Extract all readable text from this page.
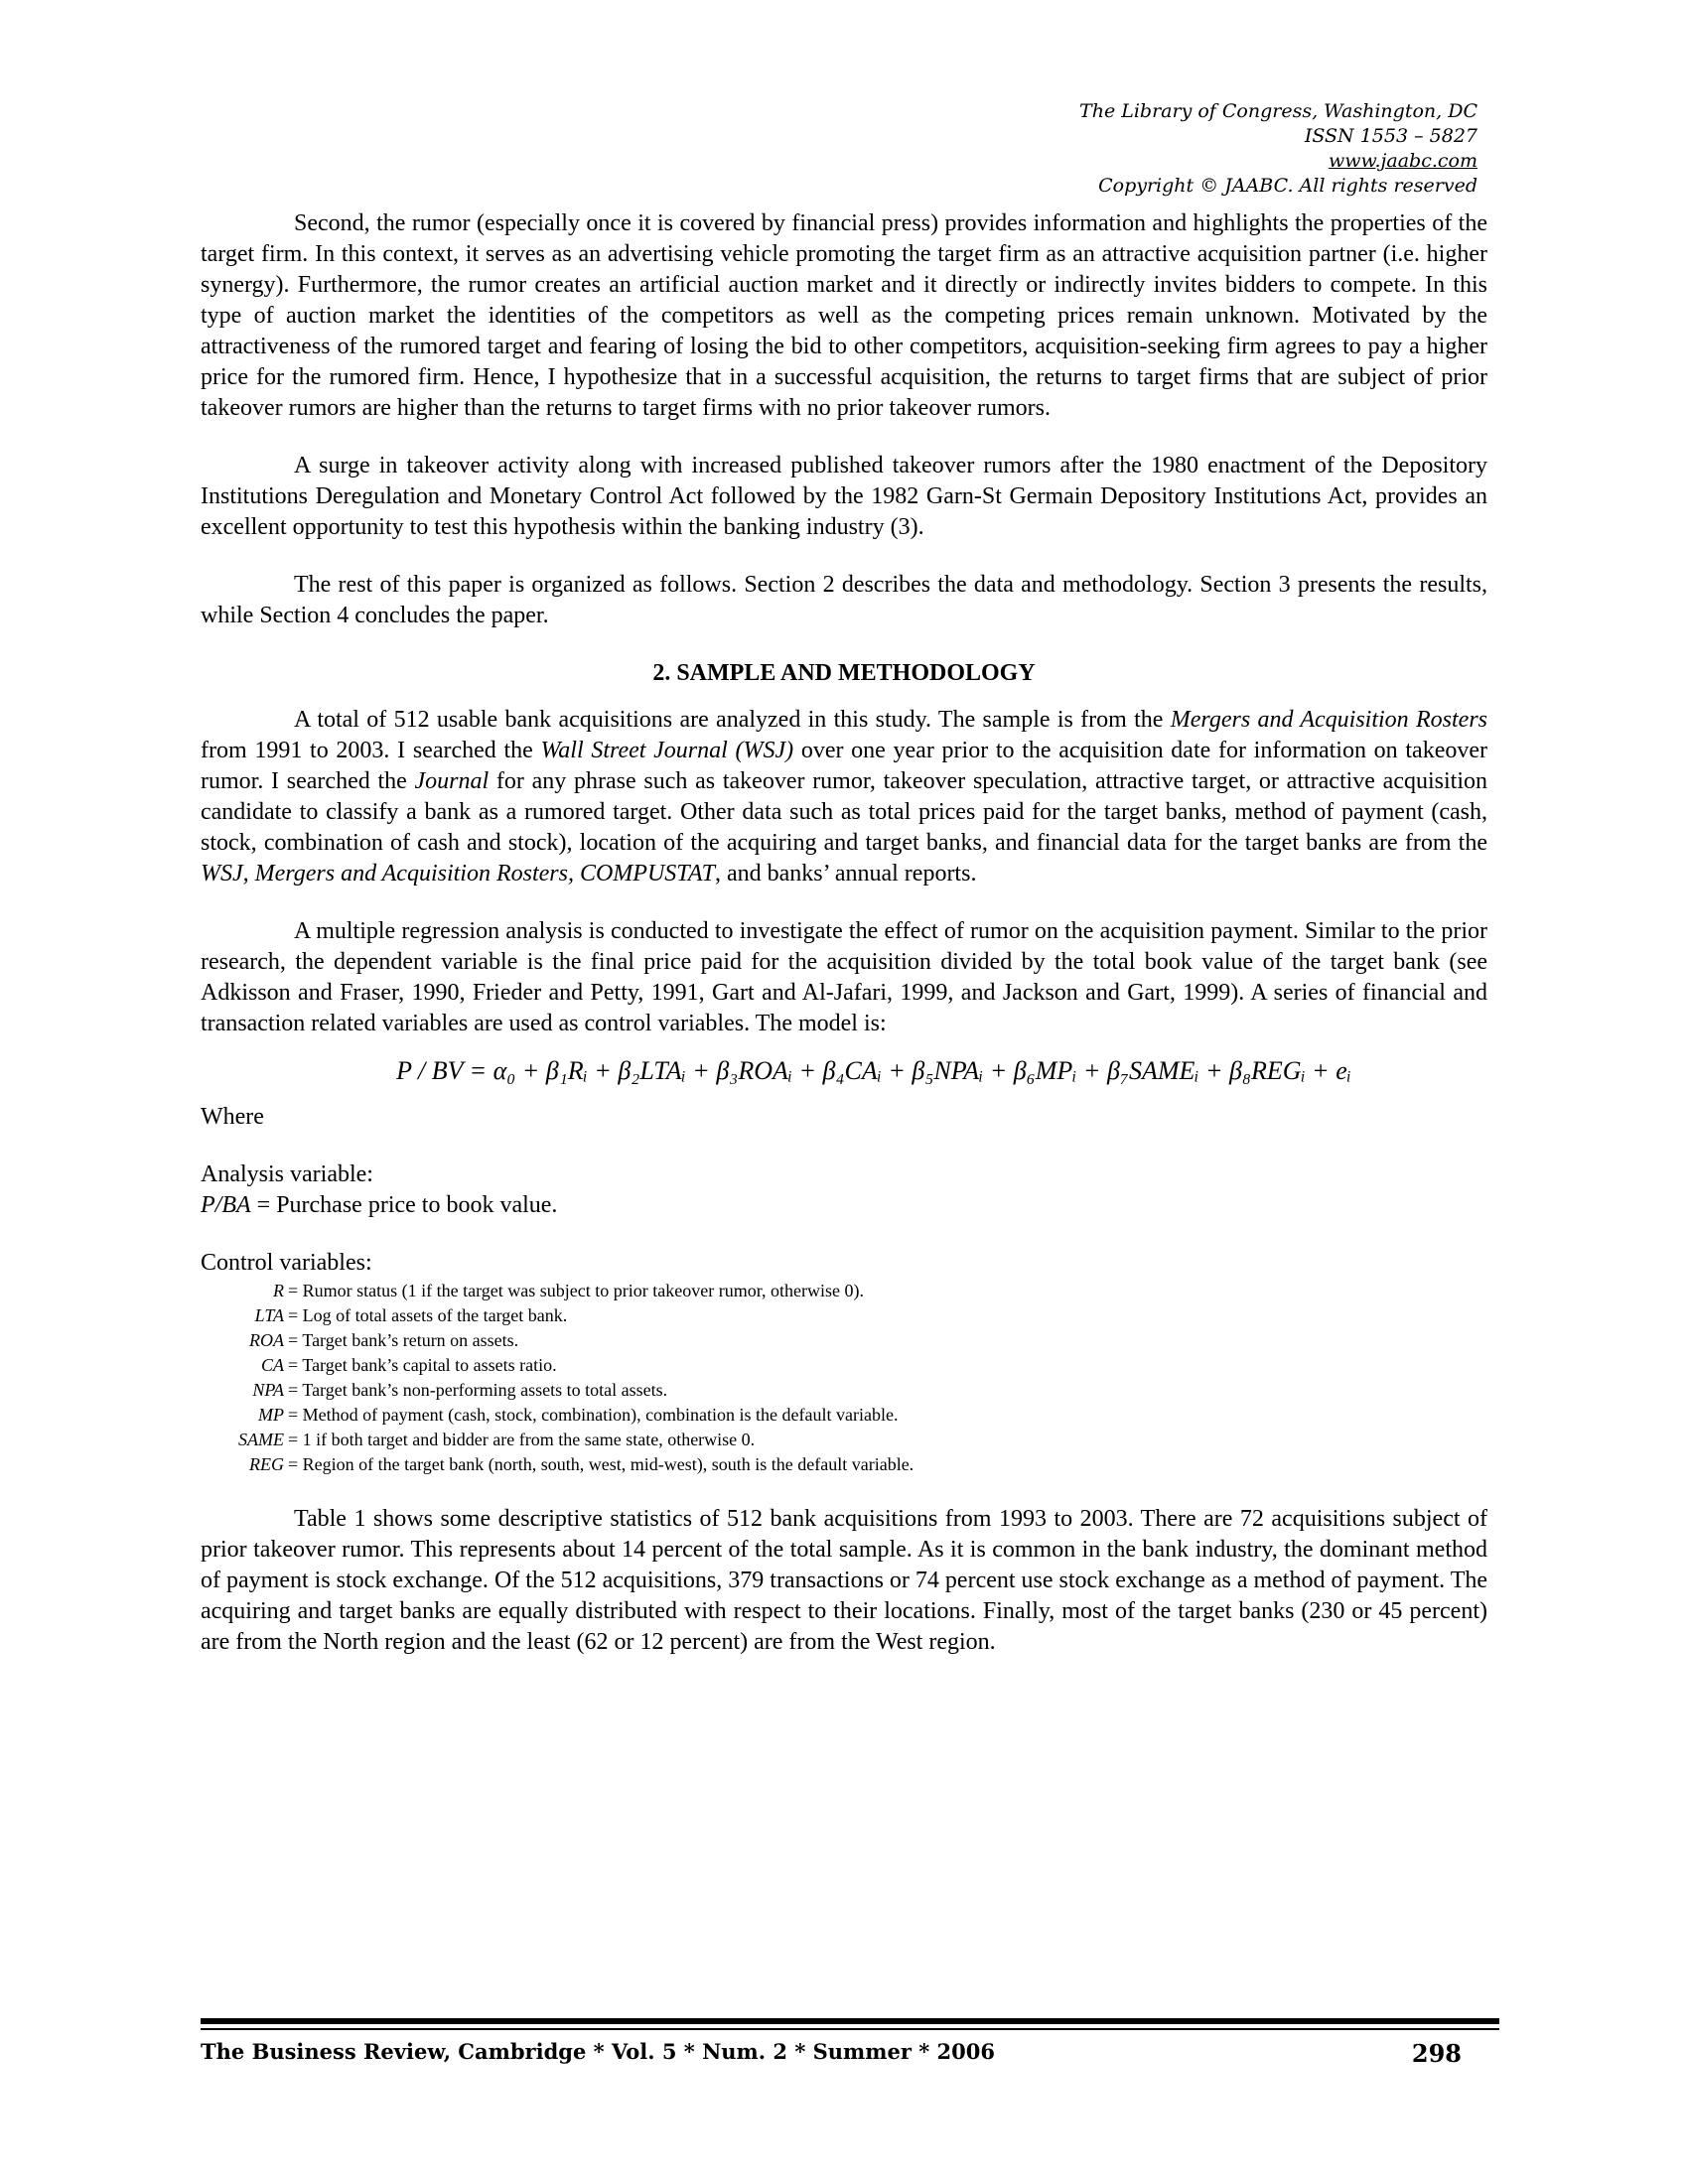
The Library of Congress, Washington, DC
ISSN 1553 – 5827
www.jaabc.com
Copyright © JAABC. All rights reserved

Second, the rumor (especially once it is covered by financial press) provides information and highlights the properties of the target firm. In this context, it serves as an advertising vehicle promoting the target firm as an attractive acquisition partner (i.e. higher synergy). Furthermore, the rumor creates an artificial auction market and it directly or indirectly invites bidders to compete. In this type of auction market the identities of the competitors as well as the competing prices remain unknown. Motivated by the attractiveness of the rumored target and fearing of losing the bid to other competitors, acquisition-seeking firm agrees to pay a higher price for the rumored firm. Hence, I hypothesize that in a successful acquisition, the returns to target firms that are subject of prior takeover rumors are higher than the returns to target firms with no prior takeover rumors.

A surge in takeover activity along with increased published takeover rumors after the 1980 enactment of the Depository Institutions Deregulation and Monetary Control Act followed by the 1982 Garn-St Germain Depository Institutions Act, provides an excellent opportunity to test this hypothesis within the banking industry (3).

The rest of this paper is organized as follows. Section 2 describes the data and methodology. Section 3 presents the results, while Section 4 concludes the paper.

2. SAMPLE AND METHODOLOGY

A total of 512 usable bank acquisitions are analyzed in this study. The sample is from the Mergers and Acquisition Rosters from 1991 to 2003. I searched the Wall Street Journal (WSJ) over one year prior to the acquisition date for information on takeover rumor. I searched the Journal for any phrase such as takeover rumor, takeover speculation, attractive target, or attractive acquisition candidate to classify a bank as a rumored target. Other data such as total prices paid for the target banks, method of payment (cash, stock, combination of cash and stock), location of the acquiring and target banks, and financial data for the target banks are from the WSJ, Mergers and Acquisition Rosters, COMPUSTAT, and banks’ annual reports.

A multiple regression analysis is conducted to investigate the effect of rumor on the acquisition payment. Similar to the prior research, the dependent variable is the final price paid for the acquisition divided by the total book value of the target bank (see Adkisson and Fraser, 1990, Frieder and Petty, 1991, Gart and Al-Jafari, 1999, and Jackson and Gart, 1999). A series of financial and transaction related variables are used as control variables. The model is:

P / BV = α₀ + β₁Rᵢ + β₂LTAᵢ + β₃ROAᵢ + β₄CAᵢ + β₅NPAᵢ + β₆MPᵢ + β₇SAMEᵢ + β₈REGᵢ + eᵢ

Where

Analysis variable:

P/BA = Purchase price to book value.

Control variables:

R = Rumor status (1 if the target was subject to prior takeover rumor, otherwise 0).
LTA = Log of total assets of the target bank.
ROA = Target bank’s return on assets.
CA = Target bank’s capital to assets ratio.
NPA = Target bank’s non-performing assets to total assets.
MP = Method of payment (cash, stock, combination), combination is the default variable.
SAME = 1 if both target and bidder are from the same state, otherwise 0.
REG = Region of the target bank (north, south, west, mid-west), south is the default variable.

Table 1 shows some descriptive statistics of 512 bank acquisitions from 1993 to 2003. There are 72 acquisitions subject of prior takeover rumor. This represents about 14 percent of the total sample. As it is common in the bank industry, the dominant method of payment is stock exchange. Of the 512 acquisitions, 379 transactions or 74 percent use stock exchange as a method of payment. The acquiring and target banks are equally distributed with respect to their locations. Finally, most of the target banks (230 or 45 percent) are from the North region and the least (62 or 12 percent) are from the West region.

The Business Review, Cambridge * Vol. 5 * Num. 2 * Summer * 2006	298
